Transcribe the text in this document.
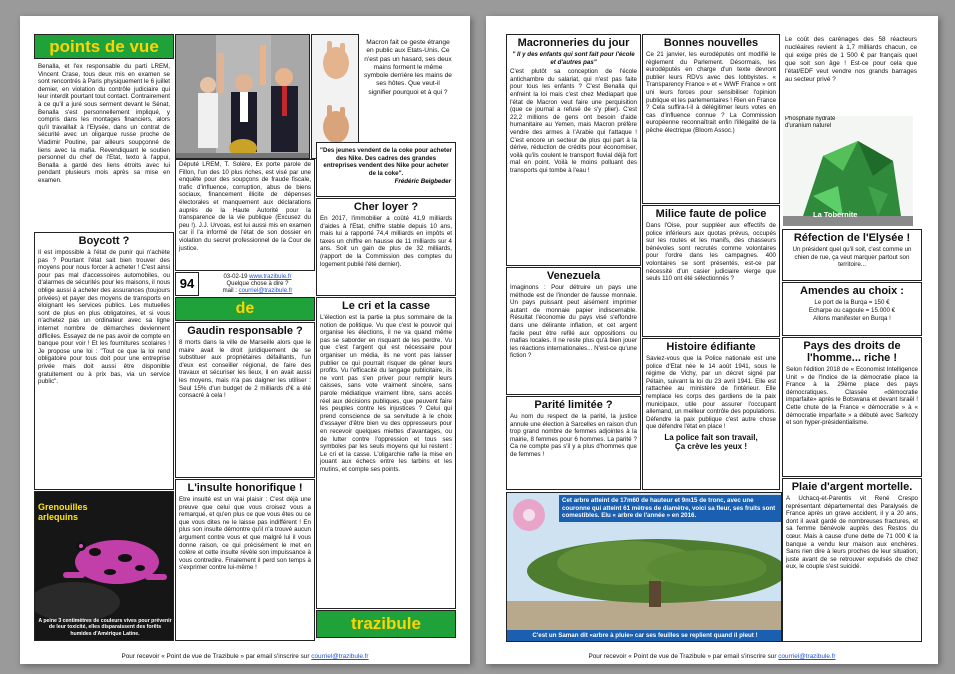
points de vue	Macron fait ce geste étrange en public aux Etats-Unis. Ce n'est pas un hasard, ses deux mains forment le même symbole derrière les mains de ses hôtes. Que veut-il signifier pourquoi et à qui ?
Benalla, et l'ex responsable du parti LREM, Vincent Crase, tous deux mis en examen se sont rencontrés à Paris physiquement le 6 juillet dernier, en violation du contrôle judiciaire qui leur interdit pourtant tout contact. Contrairement à ce qu'il a juré sous serment devant le Sénat, Benalla s'est personnellement impliqué, y compris dans les montages financiers, alors qu'il travaillait à l'Elysée, dans un contrat de sécurité avec un oligarque russe proche de Vladimir Poutine, par ailleurs soupçonné de liens avec la mafia. Revendiquant le soutien personnel du chef de l'Etat, texto à l'appui, Benalla a gardé des liens étroits avec lui pendant plusieurs mois après sa mise en examen.
Député LREM, T. Solère, Ex porte parole de Fillon, l'un des 10 plus riches, est visé par une enquête pour des soupçons de fraude fiscale, trafic d'influence, corruption, abus de biens sociaux, financement illicite de dépenses électorales et manquement aux déclarations auprès de la Haute Autorité pour la transparence de la vie publique (Excusez du peu !). J.J. Urvoas, est lui aussi mis en examen car il l'a informé de l'état de son dossier en violation du secret professionnel de la Cour de justice.
"Des jeunes vendent de la coke pour acheter des Nike. Des cadres des grandes entreprises vendent des Nike pour acheter de la coke".
Frédéric Beigbeder
Boycott ?
Il est impossible à l'état de punir qui n'achète pas ? Pourtant l'état sait bien trouver des moyens pour nous forcer à acheter ! C'est ainsi pour pas mal d'accessoires automobiles, ou d'alarmes de sécurités pour les maisons, il nous oblige aussi à acheter des assurances (toujours privées) et payer des moyens de transports en éloignant les services publics. Les mutuelles sont de plus en plus obligatoires, et si vous n'achetez pas un ordinateur avec sa ligne internet nombre de démarches deviennent difficiles. Essayez de ne pas avoir de compte en banque pour voir ! Et les fournitures scolaires ! Je propose une loi : "Tout ce que la loi rend obligatoire pour tous doit pour une entreprise privée mais doit aussi être disponible gratuitement ou à prix bas, via un service public".
Cher loyer ?
En 2017, l'immobilier a coûté 41,9 milliards d'aides à l'Etat, chiffre stable depuis 10 ans, mais lui a rapporté 74,4 milliards en impôts et taxes un chiffre en hausse de 11 milliards sur 4 ans. Soit un gain de plus de 32 milliards, (rapport de la Commission des comptes du logement publié l'été dernier).
94	03-02-19 www.trazibule.fr
Quelque chose à dire ?
mail : courriel@trazibule.fr
de	Le cri et la casse
L'élection est la partie la plus sommaire de la notion de politique. Vu que c'est le pouvoir qui organise les élections, il ne va quand même pas se saborder en risquant de les perdre. Vu que c'est l'argent qui est nécessaire pour organiser un média, ils ne vont pas laisser publier ce qui pourrait risquer de gêner leurs profits. Vu l'efficacité du langage publicitaire, ils ne vont pas s'en priver pour remplir leurs caisses, sans vote vraiment sincère, sans parole médiatique vraiment libre, sans accès réel aux décisions publiques, que peuvent faire les peuples contre les injustices ? Celui qui prend conscience de sa servitude à le choix d'essayer d'être bien vu des oppresseurs pour en recevoir quelques miettes d'avantages, ou de lutter contre l'oppression et tous ses symboles par les seuls moyens qui lui restent : Le cri et la casse. L'oligarchie rafle la mise en jouant aux échecs entre les larbins et les mutins, et compte ses points.
Gaudin responsable ?
8 morts dans la ville de Marseille alors que le maire avait le droit juridiquement de se substituer aux propriétaires défaillants, l'un d'eux est conseiller régional, de faire des travaux et sécuriser les lieux, il en avait aussi les moyens, mais n'a pas daigner les utiliser : Seul 15% d'un budget de 2 milliards d'€ a été consacré à cela !
L'insulte honorifique !
Etre insulté est un vrai plaisir : C'est déjà une preuve que celui que vous croisez vous a remarqué, et qu'en plus ce que vous êtes ou ce que vous dites ne le laisse pas indifférent ! En plus son insulte démontre qu'il n'a trouvé aucun argument contre vous et que malgré lui il vous donne raison, ce qui précisément le met en colère et cette insulte révèle son impuissance à vous contredire. Finalement il perd son temps à s'exprimer contre lui-même !
Grenouilles arlequins
A peine 3 centimètres de couleurs vives pour prévenir de leur toxicité, elles disparaissent des forêts humides d'Amérique Latine.
trazibule
Pour recevoir « Point de vue de Trazibule » par email s'inscrire sur courriel@trazibule.fr
Macronneries du jour
" Il y des enfants qui sont fait pour l'école et d'autres pas"
C'est plutôt sa conception de l'école antichambre du salariat, qui n'est pas faite pour tous les enfants ? C'est Benalla qui enfreint la loi mais c'est chez Mediapart que l'état de Macron veut faire une perquisition (que ce journal a refusé de s'y plier). C'est 22,2 millions de gens ont besoin d'aide humanitaire au Yemen, mais Macron préfère vendre des armes à l'Arabie qui l'attaque ! C'est encore un secteur de plus qui part à la dérive, réduction de crédits pour économiser, voilà qu'ils coulent le transport fluvial déjà fort mal en point. Voilà le moins polluant des transports qui tombe à l'eau !
Bonnes nouvelles
Ce 21 janvier, les eurodéputés ont modifié le règlement du Parlement. Désormais, les eurodéputés en charge d'un texte devront publier leurs RDVs avec des lobbyistes. « Transparency France » et « WWF France » ont uni leurs forces pour sensibiliser l'opinion publique et les parlementaires ! Rien en France ? Cela suffira-t-il à délégitimer leurs votes en cas d'influence connue ? La Commission européenne reconnaîtrait enfin l'illégalité de la pêche électrique (Bloom Assoc.)
Le coût des carénages des 58 réacteurs nucléaires revient à 1,7 milliards chacun, ce qui exige près de 1 500 € par français quel que soit son âge ! Est-ce pour cela que l'état/EDF veut vendre nos grands barrages au secteur privé ?
Phosphate hydraté d'uranium naturel
La Tobernite
Venezuela
Imaginons : Pour détruire un pays une méthode est de l'inonder de fausse monnaie. Un pays puissant peut aisément imprimer autant de monnaie papier indiscernable. Résultat l'économie du pays visé s'effondre dans une délirante inflation, et cet argent facile peut être refilé aux oppositions ou mafias locales. Il ne reste plus qu'à bien jouer les réactions internationales... N'est-ce qu'une fiction ?
Milice faute de police
Dans l'Oise, pour suppléer aux effectifs de police inférieurs aux quotas prévus, occupés sur les routes et les manifs, des chasseurs bénévoles sont recrutés comme volontaires pour l'ordre dans les campagnes. 400 volontaires se sont présentés, est-ce par nécessité d'un casier judiciaire vierge que seuls 110 ont été sélectionnés ?
Réfection de l'Elysée !
Un président quel qu'il soit, c'est comme un chien de rue, ça veut marquer partout son territoire...
Amendes au choix :
Le port de la Burqa = 150 €
Echarpe ou cagoule = 15.000 €
Allons manifester en Burqa !
Histoire édifiante
Saviez-vous que la Police nationale est une police d'Etat née le 14 août 1941, sous le régime de Vichy, par un décret signé par Pétain, suivant la loi du 23 avril 1941. Elle est rattachée au ministère de l'intérieur. Elle remplace les corps des gardiens de la paix municipaux, utile pour assurer l'occupant allemand, un meilleur contrôle des populations. Défendre la paix publique c'est autre chose que défendre l'état en place !
La police fait son travail,
Ça crève les yeux !
Parité limitée ?
Au nom du respect de la parité, la justice annule une élection à Sarcelles en raison d'un trop grand nombre de femmes adjointes à la mairie, 8 femmes pour 6 hommes. La parité ? Ca ne compte pas s'il y a plus d'hommes que de femmes !
Pays des droits de l'homme... riche !
Selon l'édition 2018 de « Economist Intelligence Unit » de l'Indice de la démocratie place la France à la 29ème place des pays démocratiques. Classée «démocratie imparfaite» après le Botswana et devant Israël ! Cette chute de la France « démocratie » à « démocratie imparfaite » a débuté avec Sarkozy et son hyper-présidentialisme.
Cet arbre atteint de 17m60 de hauteur et 9m15 de tronc, avec une couronne qui atteint 61 mètres de diamètre, voici sa fleur, ses fruits sont comestibles. Elu « arbre de l'année » en 2016.
C'est un Saman dit «arbre à pluie» car ses feuilles se replient quand il pleut !
Plaie d'argent mortelle.
A Uchacq-et-Parentis vit René Crespo représentant départemental des Paralysés de France après un grave accident, il y a 20 ans, dont il avait gardé de nombreuses fractures, et sa femme bénévole auprès des Restos du cœur. Mais à cause d'une dette de 71 000 € la banque a vendu leur maison aux enchères. Sans rien dire à leurs proches de leur situation, juste avant de se retrouver expulsés de chez eux, le couple s'est suicidé.
Pour recevoir « Point de vue de Trazibule » par email s'inscrire sur courriel@trazibule.fr
